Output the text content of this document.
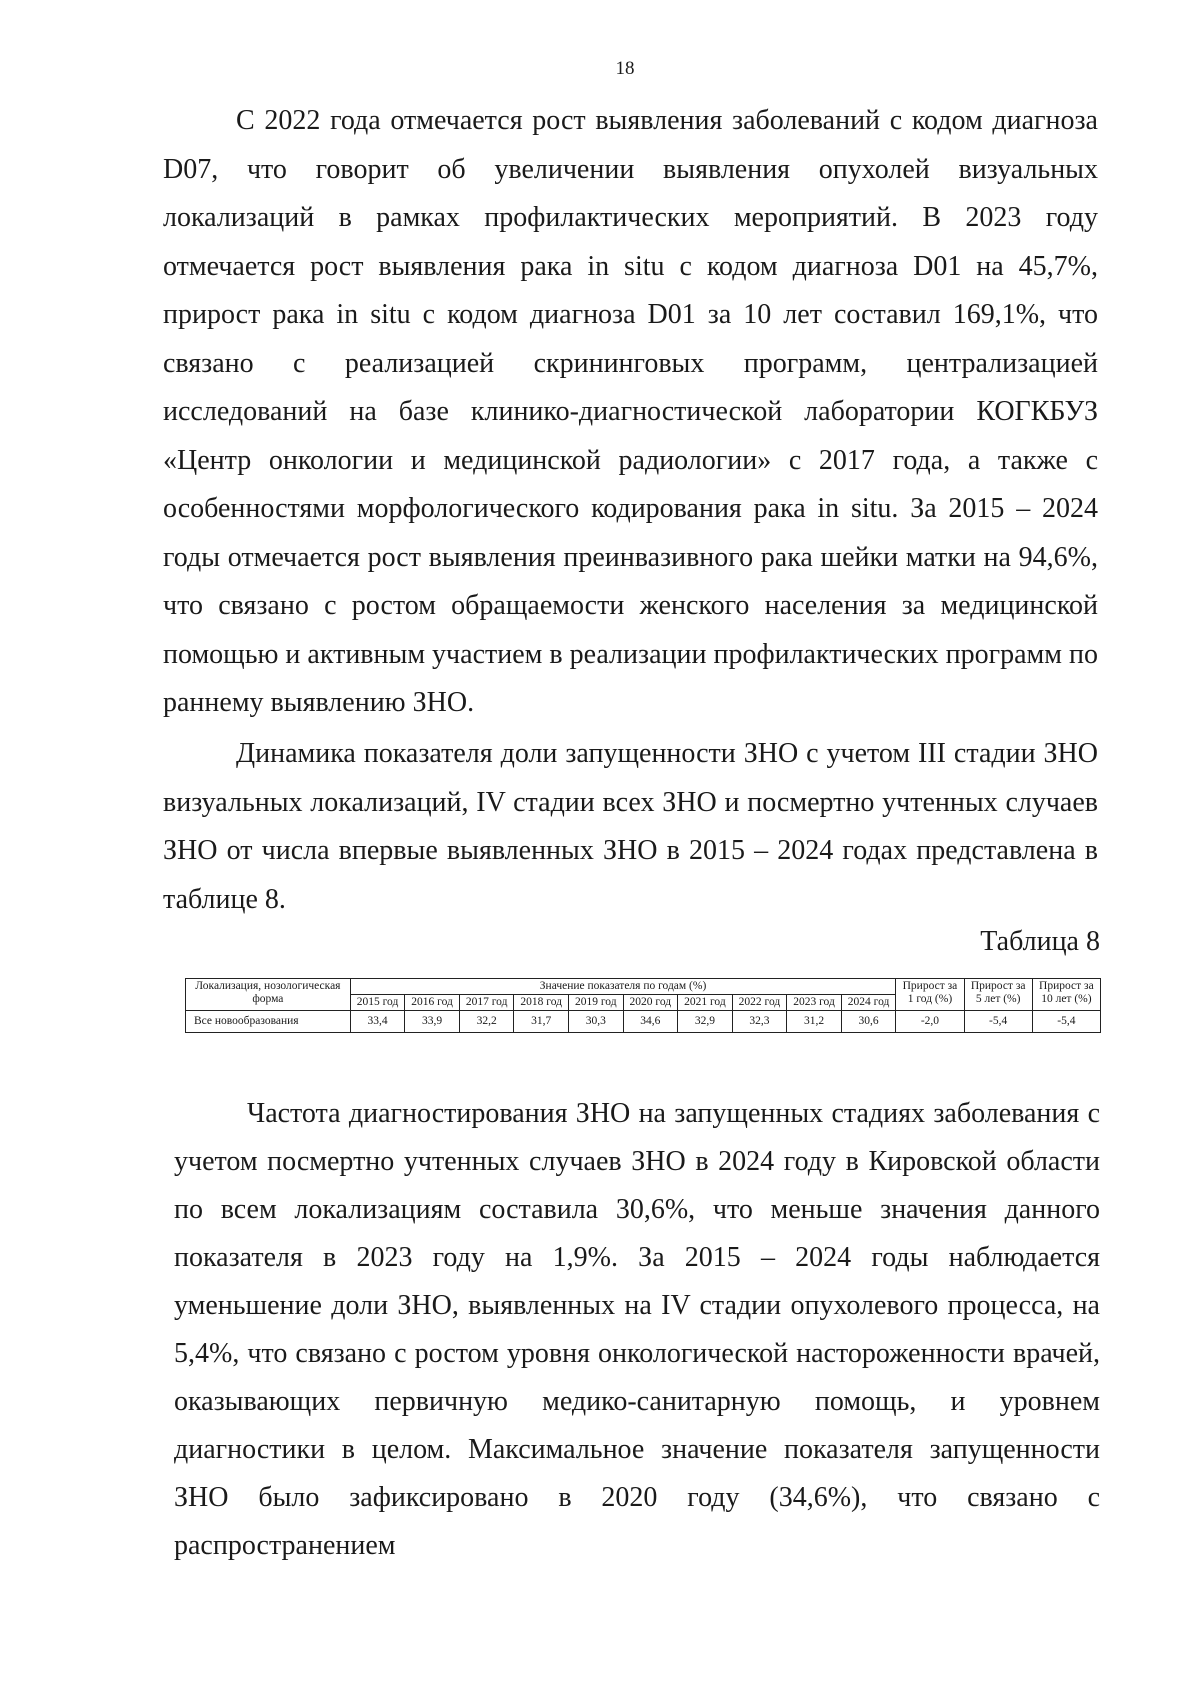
18

С 2022 года отмечается рост выявления заболеваний с кодом диагноза D07, что говорит об увеличении выявления опухолей визуальных локализаций в рамках профилактических мероприятий. В 2023 году отмечается рост выявления рака in situ с кодом диагноза D01 на 45,7%, прирост рака in situ с кодом диагноза D01 за 10 лет составил 169,1%, что связано с реализацией скрининговых программ, централизацией исследований на базе клинико-диагностической лаборатории КОГКБУЗ «Центр онкологии и медицинской радиологии» с 2017 года, а также с особенностями морфологического кодирования рака in situ. За 2015 – 2024 годы отмечается рост выявления преинвазивного рака шейки матки на 94,6%, что связано с ростом обращаемости женского населения за медицинской помощью и активным участием в реализации профилактических программ по раннему выявлению ЗНО.

Динамика показателя доли запущенности ЗНО с учетом III стадии ЗНО визуальных локализаций, IV стадии всех ЗНО и посмертно учтенных случаев ЗНО от числа впервые выявленных ЗНО в 2015 – 2024 годах представлена в таблице 8.

Таблица 8
Локализация, нозологическая форма	Значение показателя по годам (%)										Прирост за 1 год (%)	Прирост за 5 лет (%)	Прирост за 10 лет (%)
	2015 год	2016 год	2017 год	2018 год	2019 год	2020 год	2021 год	2022 год	2023 год	2024 год			
Все новообразования	33,4	33,9	32,2	31,7	30,3	34,6	32,9	32,3	31,2	30,6	-2,0	-5,4	-5,4

Частота диагностирования ЗНО на запущенных стадиях заболевания с учетом посмертно учтенных случаев ЗНО в 2024 году в Кировской области по всем локализациям составила 30,6%, что меньше значения данного показателя в 2023 году на 1,9%. За 2015 – 2024 годы наблюдается уменьшение доли ЗНО, выявленных на IV стадии опухолевого процесса, на 5,4%, что связано с ростом уровня онкологической настороженности врачей, оказывающих первичную медико-санитарную помощь, и уровнем диагностики в целом. Максимальное значение показателя запущенности ЗНО было зафиксировано в 2020 году (34,6%), что связано с распространением
